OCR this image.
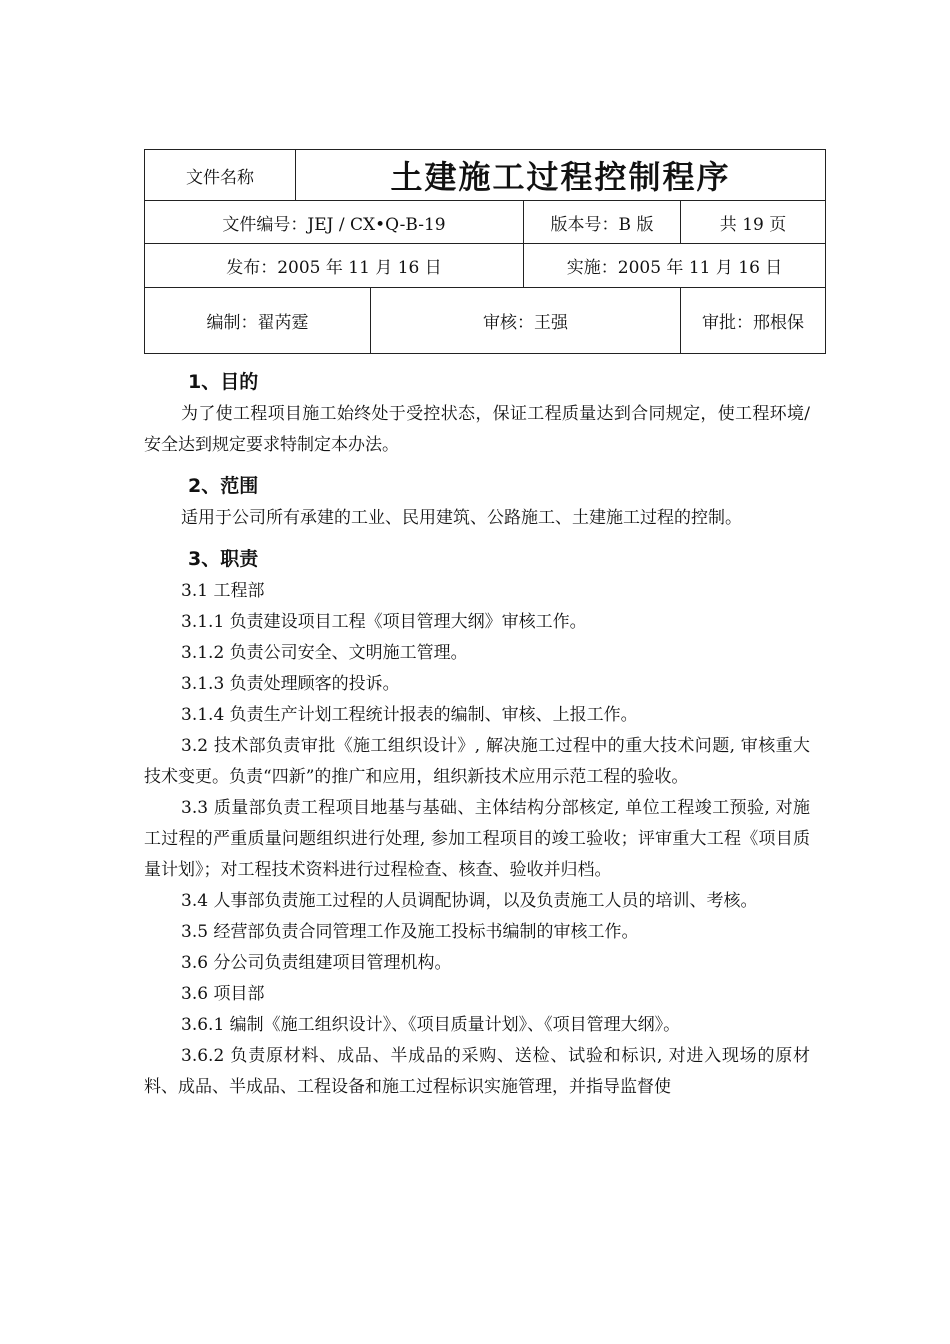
文件名称	土建施工过程控制程序			
文件编号：JEJ / CX•Q-B-19			版本号：B 版	共 19 页
发布：2005 年 11 月 16 日			实施：2005 年 11 月 16 日	
编制：翟芮霆		审核：王强		审批：邢根保
1、目的

为了使工程项目施工始终处于受控状态，保证工程质量达到合同规定，使工程环境/安全达到规定要求特制定本办法。

2、范围

适用于公司所有承建的工业、民用建筑、公路施工、土建施工过程的控制。

3、职责

3.1 工程部

3.1.1 负责建设项目工程《项目管理大纲》审核工作。

3.1.2 负责公司安全、文明施工管理。

3.1.3 负责处理顾客的投诉。

3.1.4 负责生产计划工程统计报表的编制、审核、上报工作。

3.2 技术部负责审批《施工组织设计》, 解决施工过程中的重大技术问题, 审核重大技术变更。负责“四新”的推广和应用，组织新技术应用示范工程的验收。

3.3 质量部负责工程项目地基与基础、主体结构分部核定, 单位工程竣工预验, 对施工过程的严重质量问题组织进行处理, 参加工程项目的竣工验收；评审重大工程《项目质量计划》；对工程技术资料进行过程检查、核查、验收并归档。

3.4 人事部负责施工过程的人员调配协调，以及负责施工人员的培训、考核。

3.5 经营部负责合同管理工作及施工投标书编制的审核工作。

3.6 分公司负责组建项目管理机构。

3.6 项目部

3.6.1 编制《施工组织设计》、《项目质量计划》、《项目管理大纲》。

3.6.2 负责原材料、成品、半成品的采购、送检、试验和标识, 对进入现场的原材料、成品、半成品、工程设备和施工过程标识实施管理，并指导监督使
